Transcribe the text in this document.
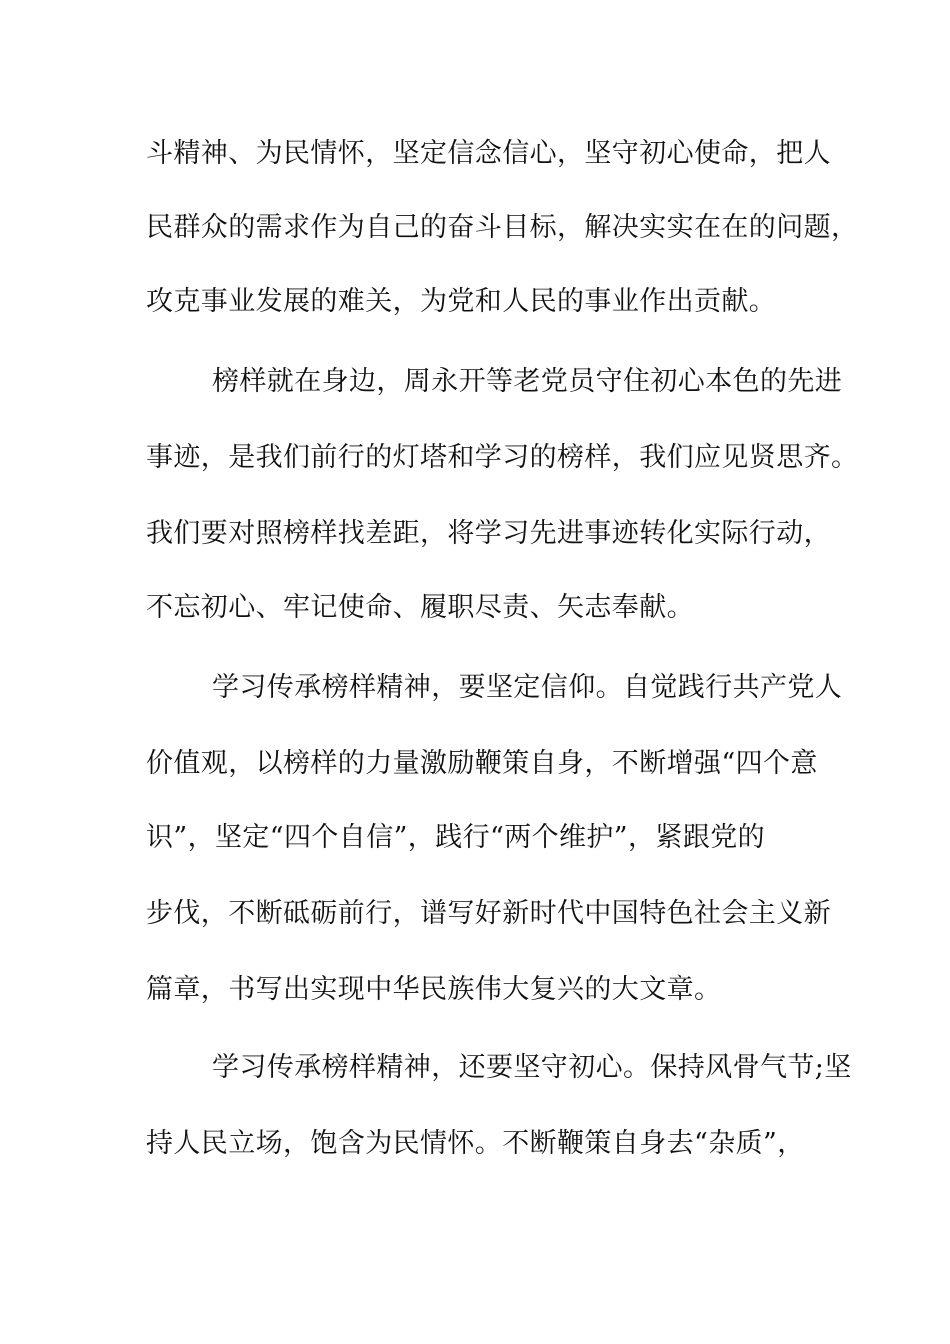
斗精神、为民情怀，坚定信念信心，坚守初心使命，把人
民群众的需求作为自己的奋斗目标，解决实实在在的问题，
攻克事业发展的难关，为党和人民的事业作出贡献。
榜样就在身边，周永开等老党员守住初心本色的先进
事迹，是我们前行的灯塔和学习的榜样，我们应见贤思齐。
我们要对照榜样找差距，将学习先进事迹转化实际行动，
不忘初心、牢记使命、履职尽责、矢志奉献。
学习传承榜样精神，要坚定信仰。自觉践行共产党人
价值观，以榜样的力量激励鞭策自身，不断增强“四个意
识”，坚定“四个自信”，践行“两个维护”，紧跟党的
步伐，不断砥砺前行，谱写好新时代中国特色社会主义新
篇章，书写出实现中华民族伟大复兴的大文章。
学习传承榜样精神，还要坚守初心。保持风骨气节;坚
持人民立场，饱含为民情怀。不断鞭策自身去“杂质”，
